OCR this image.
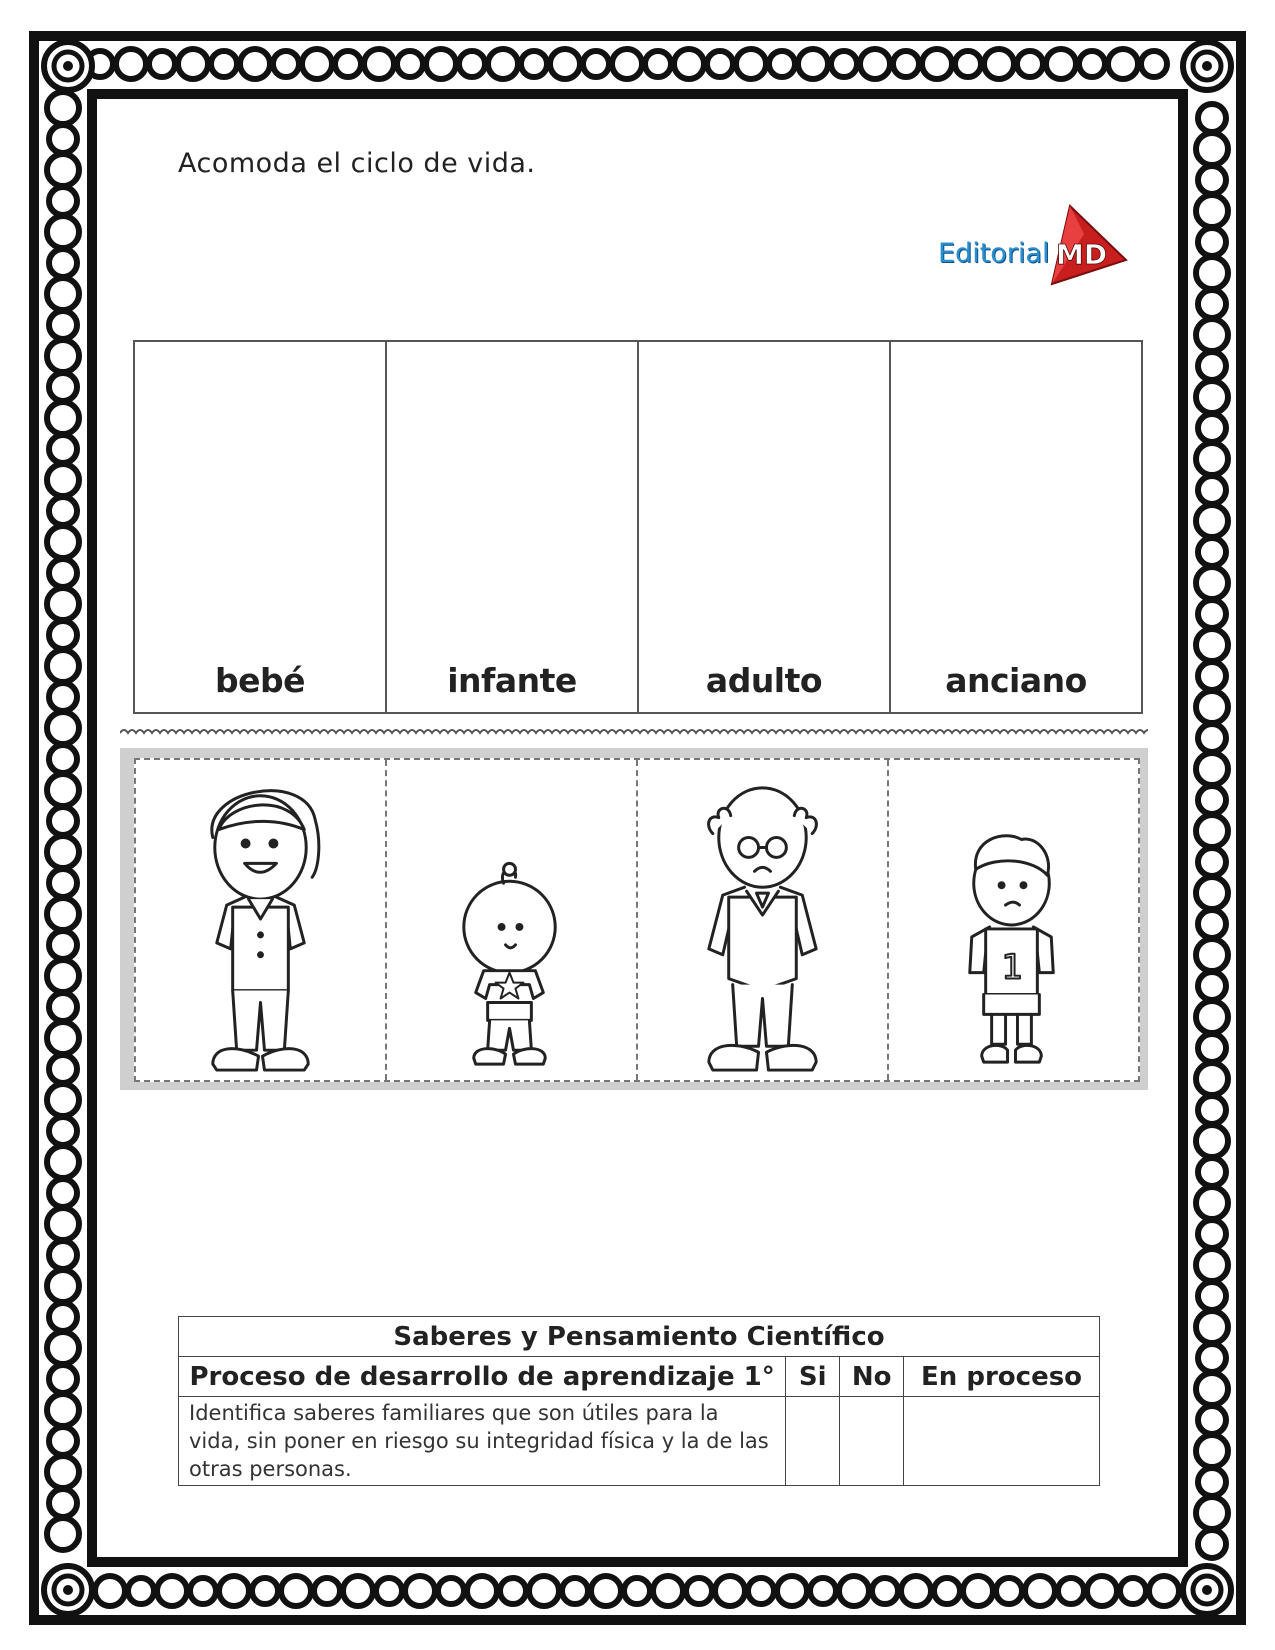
Acomoda el ciclo de vida.
Editorial MD
bebé	infante	adulto	anciano
1
Saberes y Pensamiento Científico			
Proceso de desarrollo de aprendizaje 1°	Si	No	En proceso
Identifica saberes familiares que son útiles para la vida, sin poner en riesgo su integridad física y la de las otras personas.			
